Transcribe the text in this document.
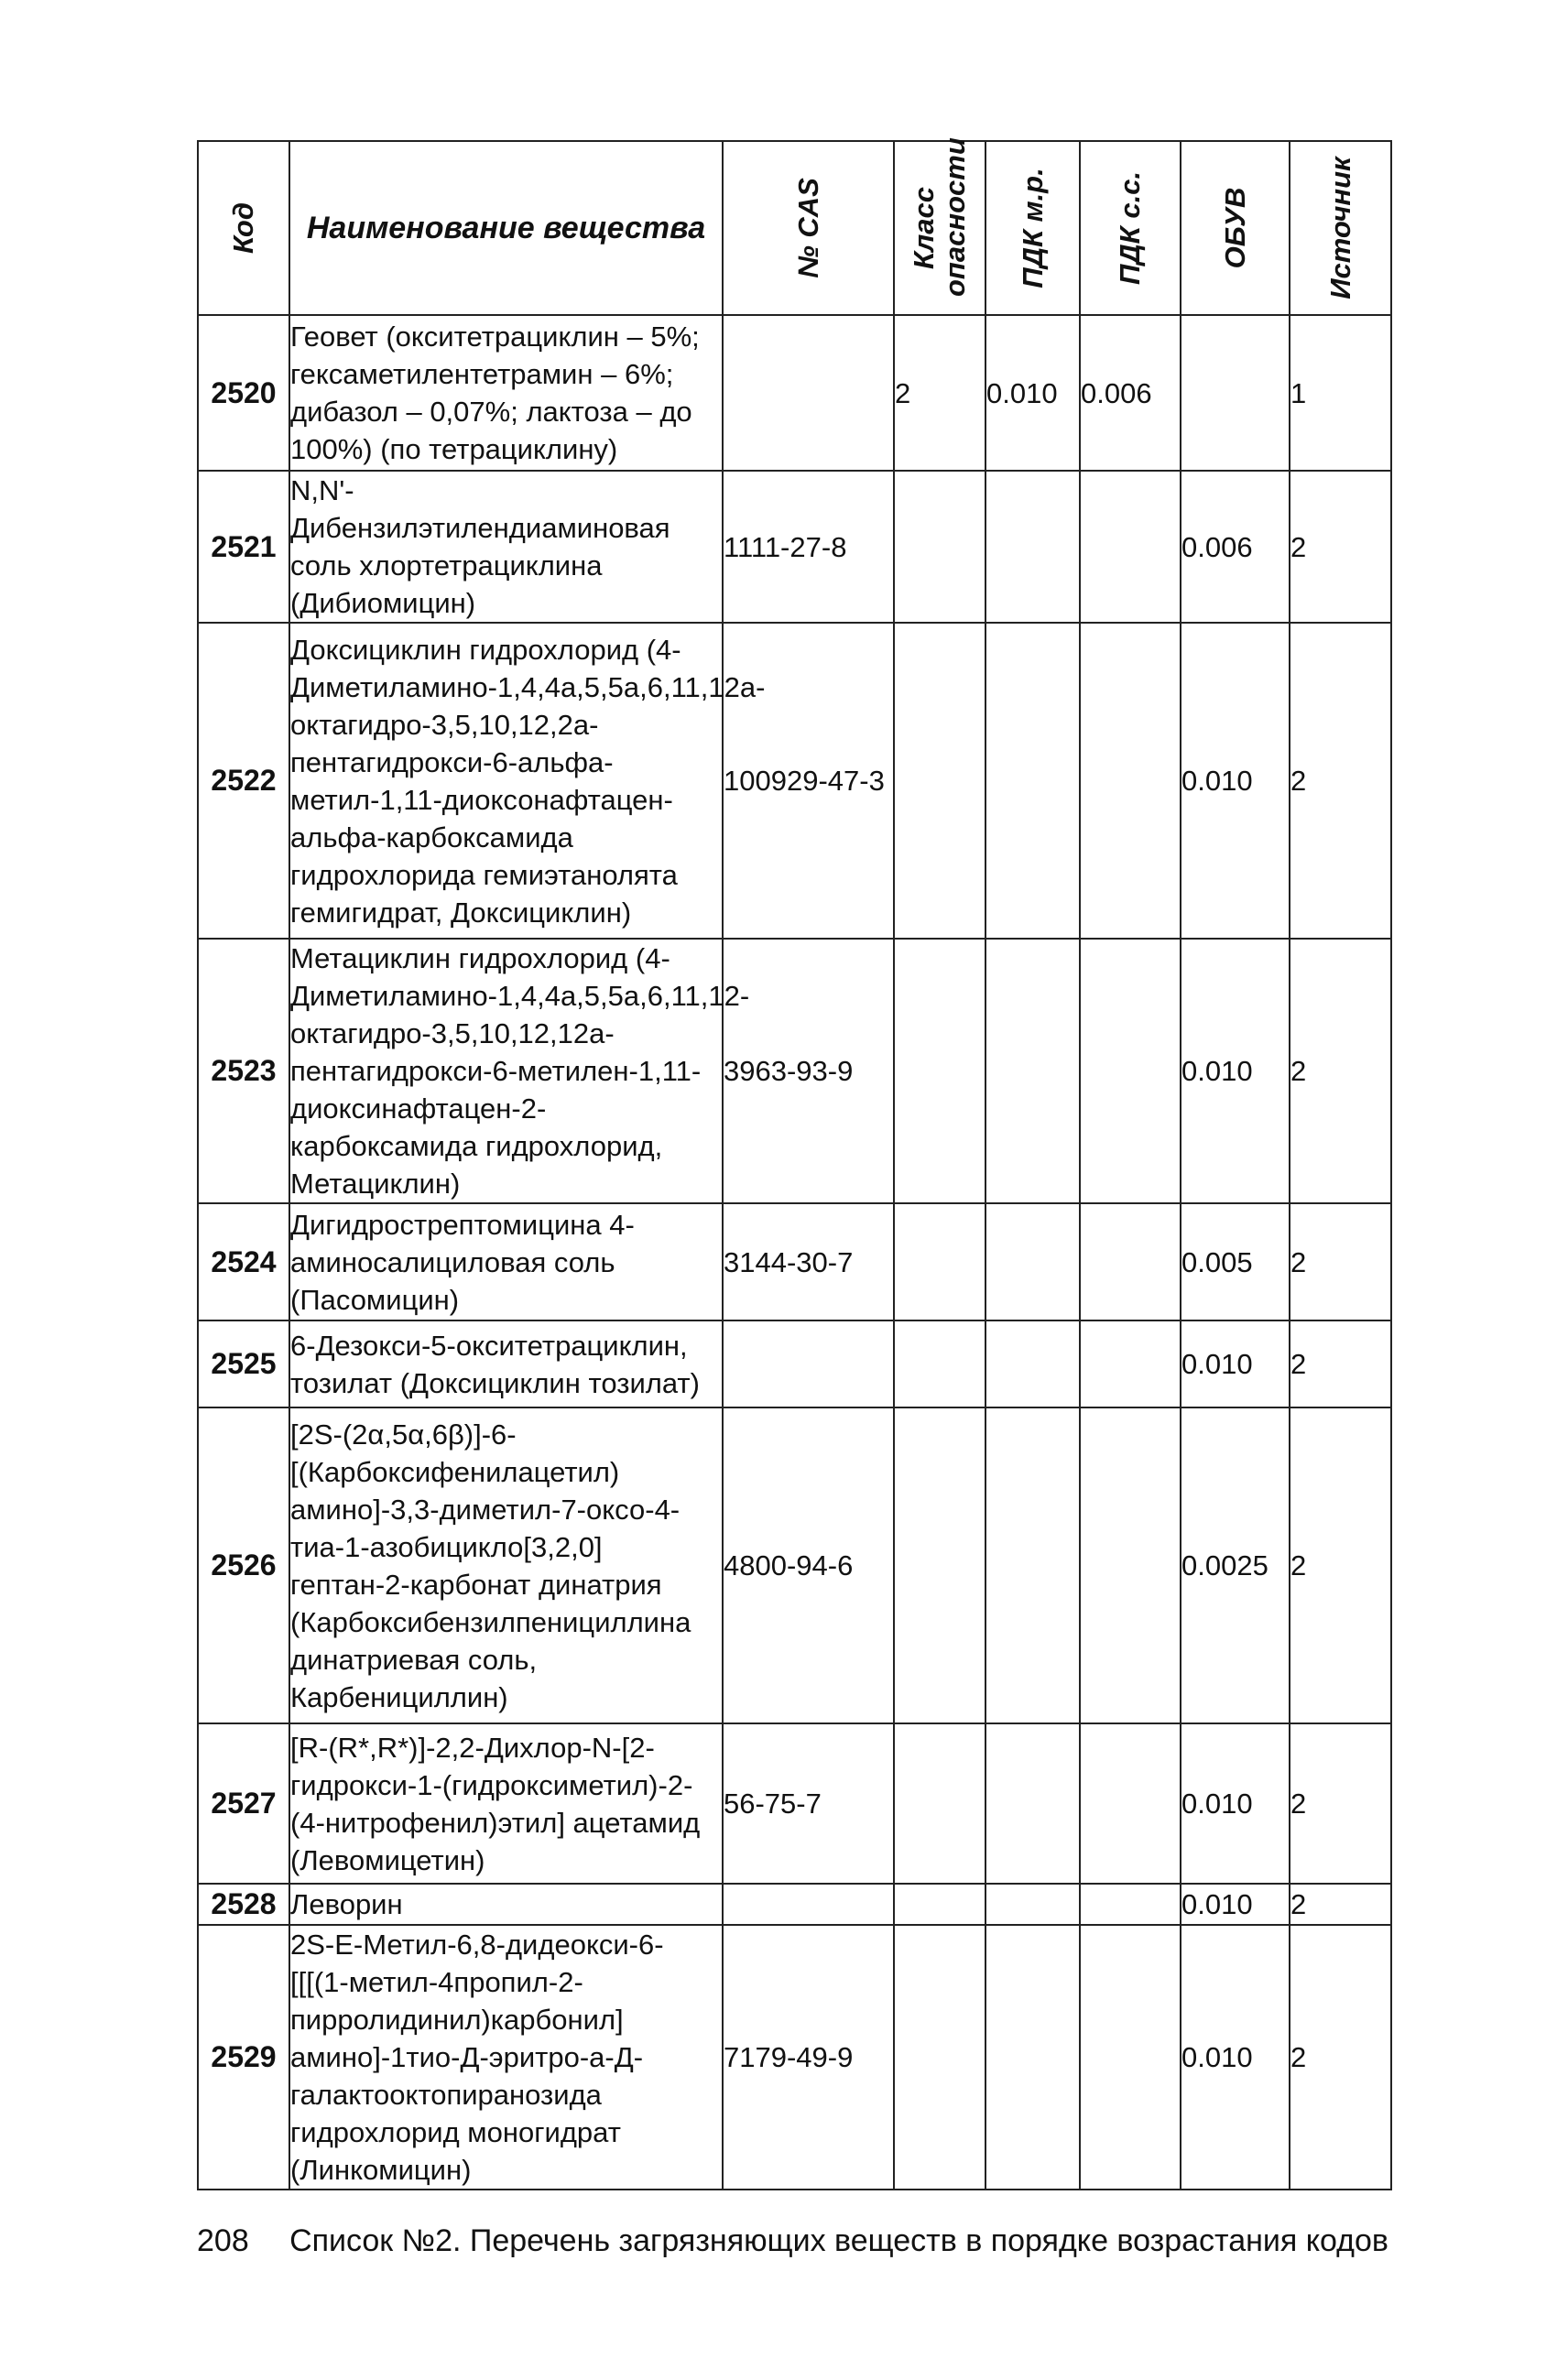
Код	Наименование вещества	№ CAS	Класс опасности	ПДК м.р.	ПДК с.с.	ОБУВ	Источник

2520	Геовет (окситетрациклин – 5%; гексаметилентетрамин – 6%; дибазол – 0,07%; лактоза – до 100%) (по тетрациклину)		2	0.010	0.006		1
2521	N,N'-Дибензилэтилендиаминовая соль хлортетрациклина (Дибиомицин)	1111-27-8				0.006	2
2522	Доксициклин гидрохлорид (4-Диметиламино-1,4,4а,5,5а,6,11,12а-октагидро-3,5,10,12,2а-пентагидрокси-6-альфа-метил-1,11-диоксонафтацен-альфа-карбоксамида гидрохлорида гемиэтанолята гемигидрат, Доксициклин)	100929-47-3				0.010	2
2523	Метациклин гидрохлорид (4-Диметиламино-1,4,4а,5,5а,6,11,12-октагидро-3,5,10,12,12а-пентагидрокси-6-метилен-1,11-диоксинафтацен-2-карбоксамида гидрохлорид, Метациклин)	3963-93-9				0.010	2
2524	Дигидрострептомицина 4-аминосалициловая соль (Пасомицин)	3144-30-7				0.005	2
2525	6-Дезокси-5-окситетрациклин, тозилат (Доксициклин тозилат)					0.010	2
2526	[2S-(2α,5α,6β)]-6-[(Карбоксифенилацетил) амино]-3,3-диметил-7-оксо-4-тиа-1-азобицикло[3,2,0] гептан-2-карбонат динатрия (Карбоксибензилпенициллина динатриевая соль, Карбенициллин)	4800-94-6				0.0025	2
2527	[R-(R*,R*)]-2,2-Дихлор-N-[2-гидрокси-1-(гидроксиметил)-2-(4-нитрофенил)этил] ацетамид (Левомицетин)	56-75-7				0.010	2
2528	Леворин					0.010	2
2529	2S-E-Метил-6,8-дидеокси-6-[[[(1-метил-4пропил-2-пирролидинил)карбонил] амино]-1тио-Д-эритро-а-Д-галактооктопиранозида гидрохлорид моногидрат (Линкомицин)	7179-49-9				0.010	2
208 Список №2. Перечень загрязняющих веществ в порядке возрастания кодов
